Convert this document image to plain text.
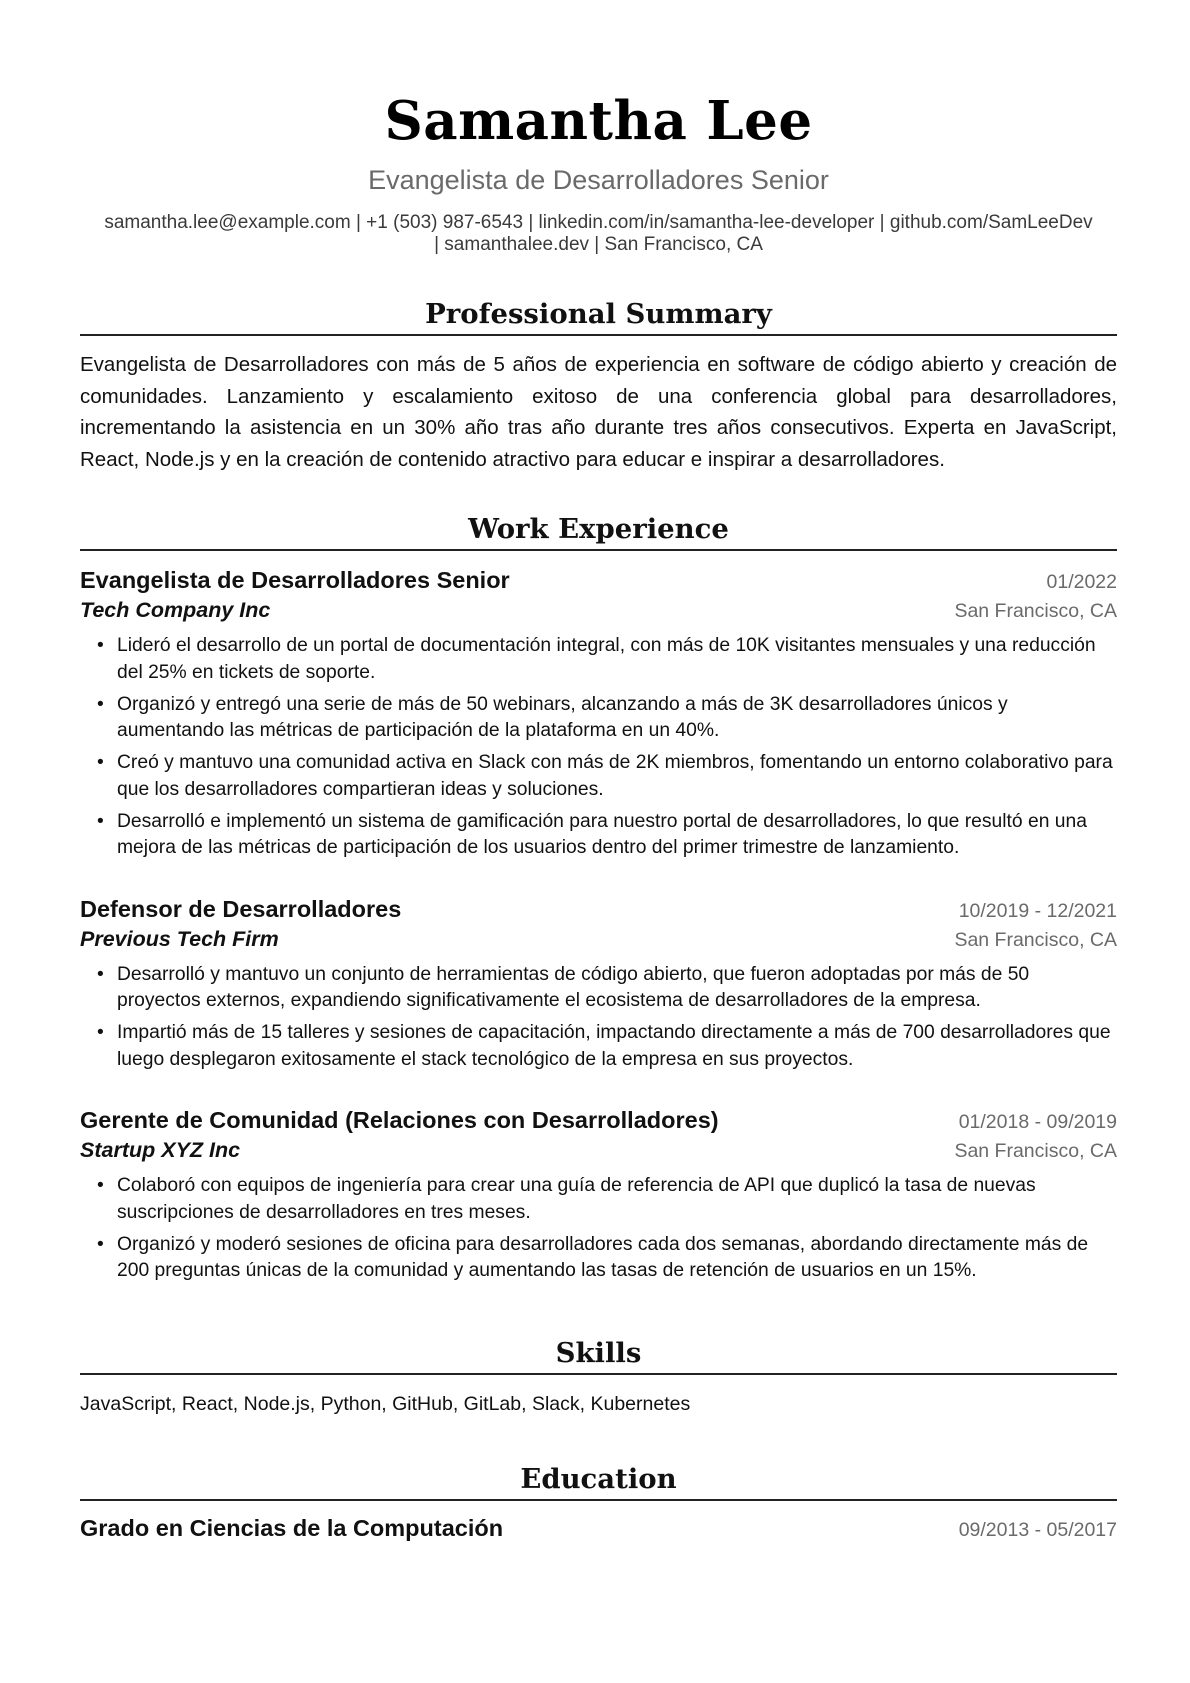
Samantha Lee
Evangelista de Desarrolladores Senior
samantha.lee@example.com | +1 (503) 987-6543 | linkedin.com/in/samantha-lee-developer | github.com/SamLeeDev
| samanthalee.dev | San Francisco, CA
Professional Summary
Evangelista de Desarrolladores con más de 5 años de experiencia en software de código abierto y creación de comunidades. Lanzamiento y escalamiento exitoso de una conferencia global para desarrolladores, incrementando la asistencia en un 30% año tras año durante tres años consecutivos. Experta en JavaScript, React, Node.js y en la creación de contenido atractivo para educar e inspirar a desarrolladores.
Work Experience
Evangelista de Desarrolladores Senior	01/2022
Tech Company Inc	San Francisco, CA
• Lideró el desarrollo de un portal de documentación integral, con más de 10K visitantes mensuales y una reducción del 25% en tickets de soporte.
• Organizó y entregó una serie de más de 50 webinars, alcanzando a más de 3K desarrolladores únicos y aumentando las métricas de participación de la plataforma en un 40%.
• Creó y mantuvo una comunidad activa en Slack con más de 2K miembros, fomentando un entorno colaborativo para que los desarrolladores compartieran ideas y soluciones.
• Desarrolló e implementó un sistema de gamificación para nuestro portal de desarrolladores, lo que resultó en una mejora de las métricas de participación de los usuarios dentro del primer trimestre de lanzamiento.
Defensor de Desarrolladores	10/2019 - 12/2021
Previous Tech Firm	San Francisco, CA
• Desarrolló y mantuvo un conjunto de herramientas de código abierto, que fueron adoptadas por más de 50 proyectos externos, expandiendo significativamente el ecosistema de desarrolladores de la empresa.
• Impartió más de 15 talleres y sesiones de capacitación, impactando directamente a más de 700 desarrolladores que luego desplegaron exitosamente el stack tecnológico de la empresa en sus proyectos.
Gerente de Comunidad (Relaciones con Desarrolladores)	01/2018 - 09/2019
Startup XYZ Inc	San Francisco, CA
• Colaboró con equipos de ingeniería para crear una guía de referencia de API que duplicó la tasa de nuevas suscripciones de desarrolladores en tres meses.
• Organizó y moderó sesiones de oficina para desarrolladores cada dos semanas, abordando directamente más de 200 preguntas únicas de la comunidad y aumentando las tasas de retención de usuarios en un 15%.
Skills
JavaScript, React, Node.js, Python, GitHub, GitLab, Slack, Kubernetes
Education
Grado en Ciencias de la Computación	09/2013 - 05/2017
